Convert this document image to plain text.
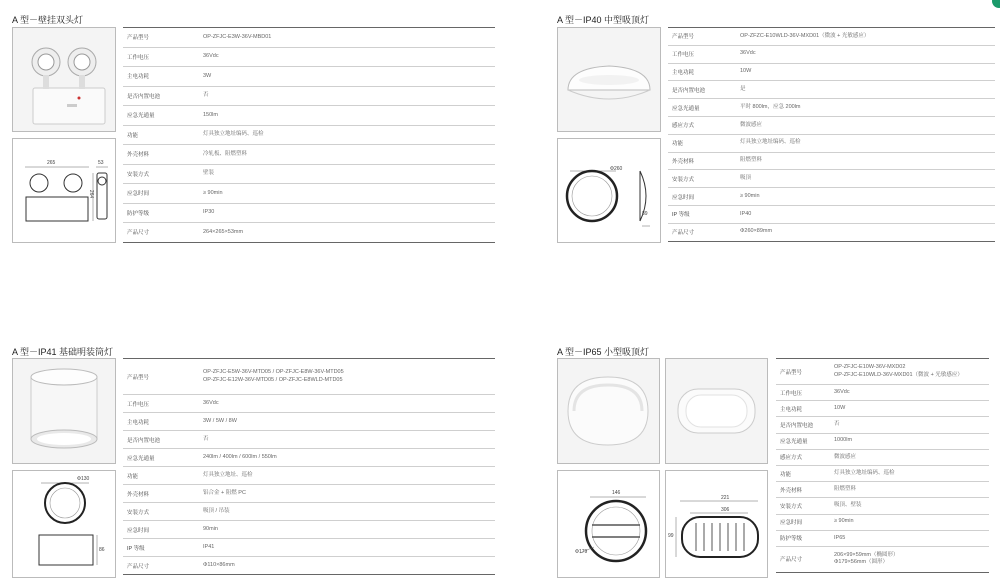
A 型－壁挂双头灯
265	53
264
产品型号	OP-ZFJC-E3W-36V-MBD01
工作电压	36Vdc
主电功耗	3W
是否内置电池	否
应急光通量	150lm
功能	灯具独立地址编码、巡检
外壳材料	冷轧板、阻燃塑料
安装方式	壁装
应急时间	≥ 90min
防护等级	IP30
产品尺寸	264×265×53mm
A 型－IP40 中型吸顶灯
Φ260
89
产品型号	OP-ZFZC-E10WLD-36V-MXD01（微波 + 光敏感应）
工作电压	36Vdc
主电功耗	10W
是否内置电池	是
应急光通量	平时 800lm，应急 200lm
感应方式	微波感应
功能	灯具独立地址编码、巡检
外壳材料	阻燃塑料
安装方式	吸顶
应急时间	≥ 90min
IP 等级	IP40
产品尺寸	Φ260×89mm
A 型－IP41 基础明装筒灯
Φ130
86
产品型号	OP-ZFJC-E5W-36V-MTD05 / OP-ZFJC-E8W-36V-MTD05
OP-ZFJC-E12W-36V-MTD05 / OP-ZFJC-E8WLD-MTD05

工作电压	36Vdc
主电功耗	3W / 5W / 8W
是否内置电池	否
应急光通量	240lm / 400lm / 600lm / 550lm
功能	灯具独立地址、巡检
外壳材料	铝合金 + 阻燃 PC
安装方式	吸顶 / 吊装
应急时间	90min
IP 等级	IP41
产品尺寸	Φ110×86mm
A 型－IP65 小型吸顶灯
146
Φ179
221
306
99
产品型号	OP-ZFJC-E10W-36V-MXD02
OP-ZFJC-E10WLD-36V-MXD01（微波 + 光敏感应）

工作电压	36Vdc
主电功耗	10W
是否内置电池	否
应急光通量	1000lm
感应方式	微波感应
功能	灯具独立地址编码、巡检
外壳材料	阻燃塑料
安装方式	吸顶、壁装
应急时间	≥ 90min
防护等级	IP65
产品尺寸	206×99×59mm（椭圆形）
Φ179×56mm（圆形）
